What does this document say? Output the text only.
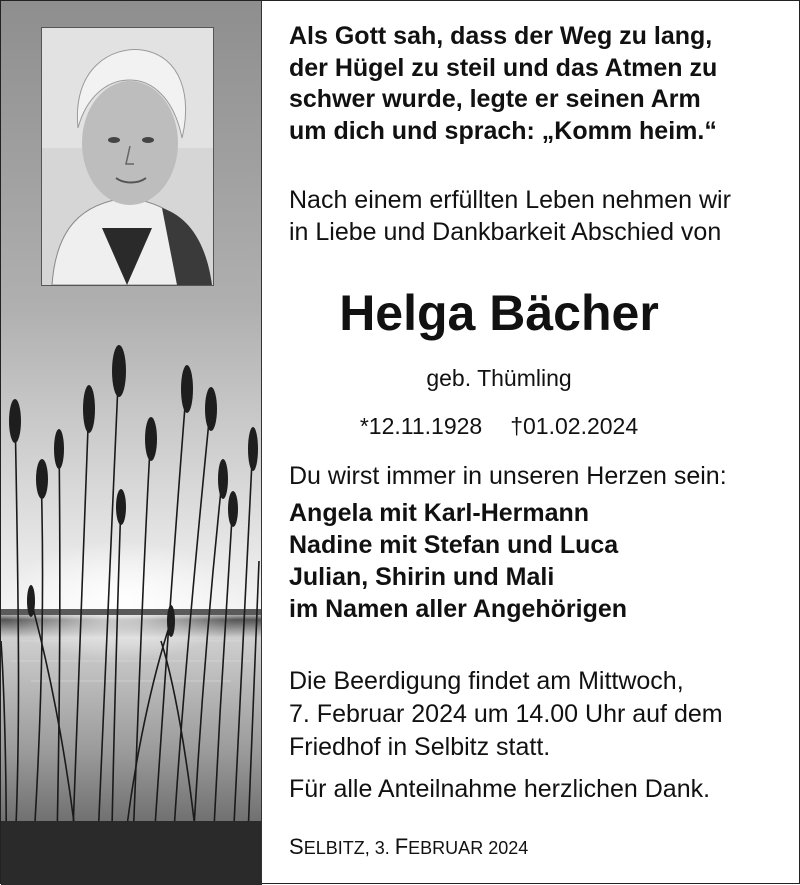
Als Gott sah, dass der Weg zu lang,
der Hügel zu steil und das Atmen zu
schwer wurde, legte er seinen Arm
um dich und sprach: „Komm heim.“

Nach einem erfüllten Leben nehmen wir
in Liebe und Dankbarkeit Abschied von

Helga Bächer
geb. Thümling
*12.11.1928 †01.02.2024

Du wirst immer in unseren Herzen sein:

Angela mit Karl-Hermann
Nadine mit Stefan und Luca
Julian, Shirin und Mali
im Namen aller Angehörigen

Die Beerdigung findet am Mittwoch,
7. Februar 2024 um 14.00 Uhr auf dem
Friedhof in Selbitz statt.

Für alle Anteilnahme herzlichen Dank.

SELBITZ, 3. FEBRUAR 2024
